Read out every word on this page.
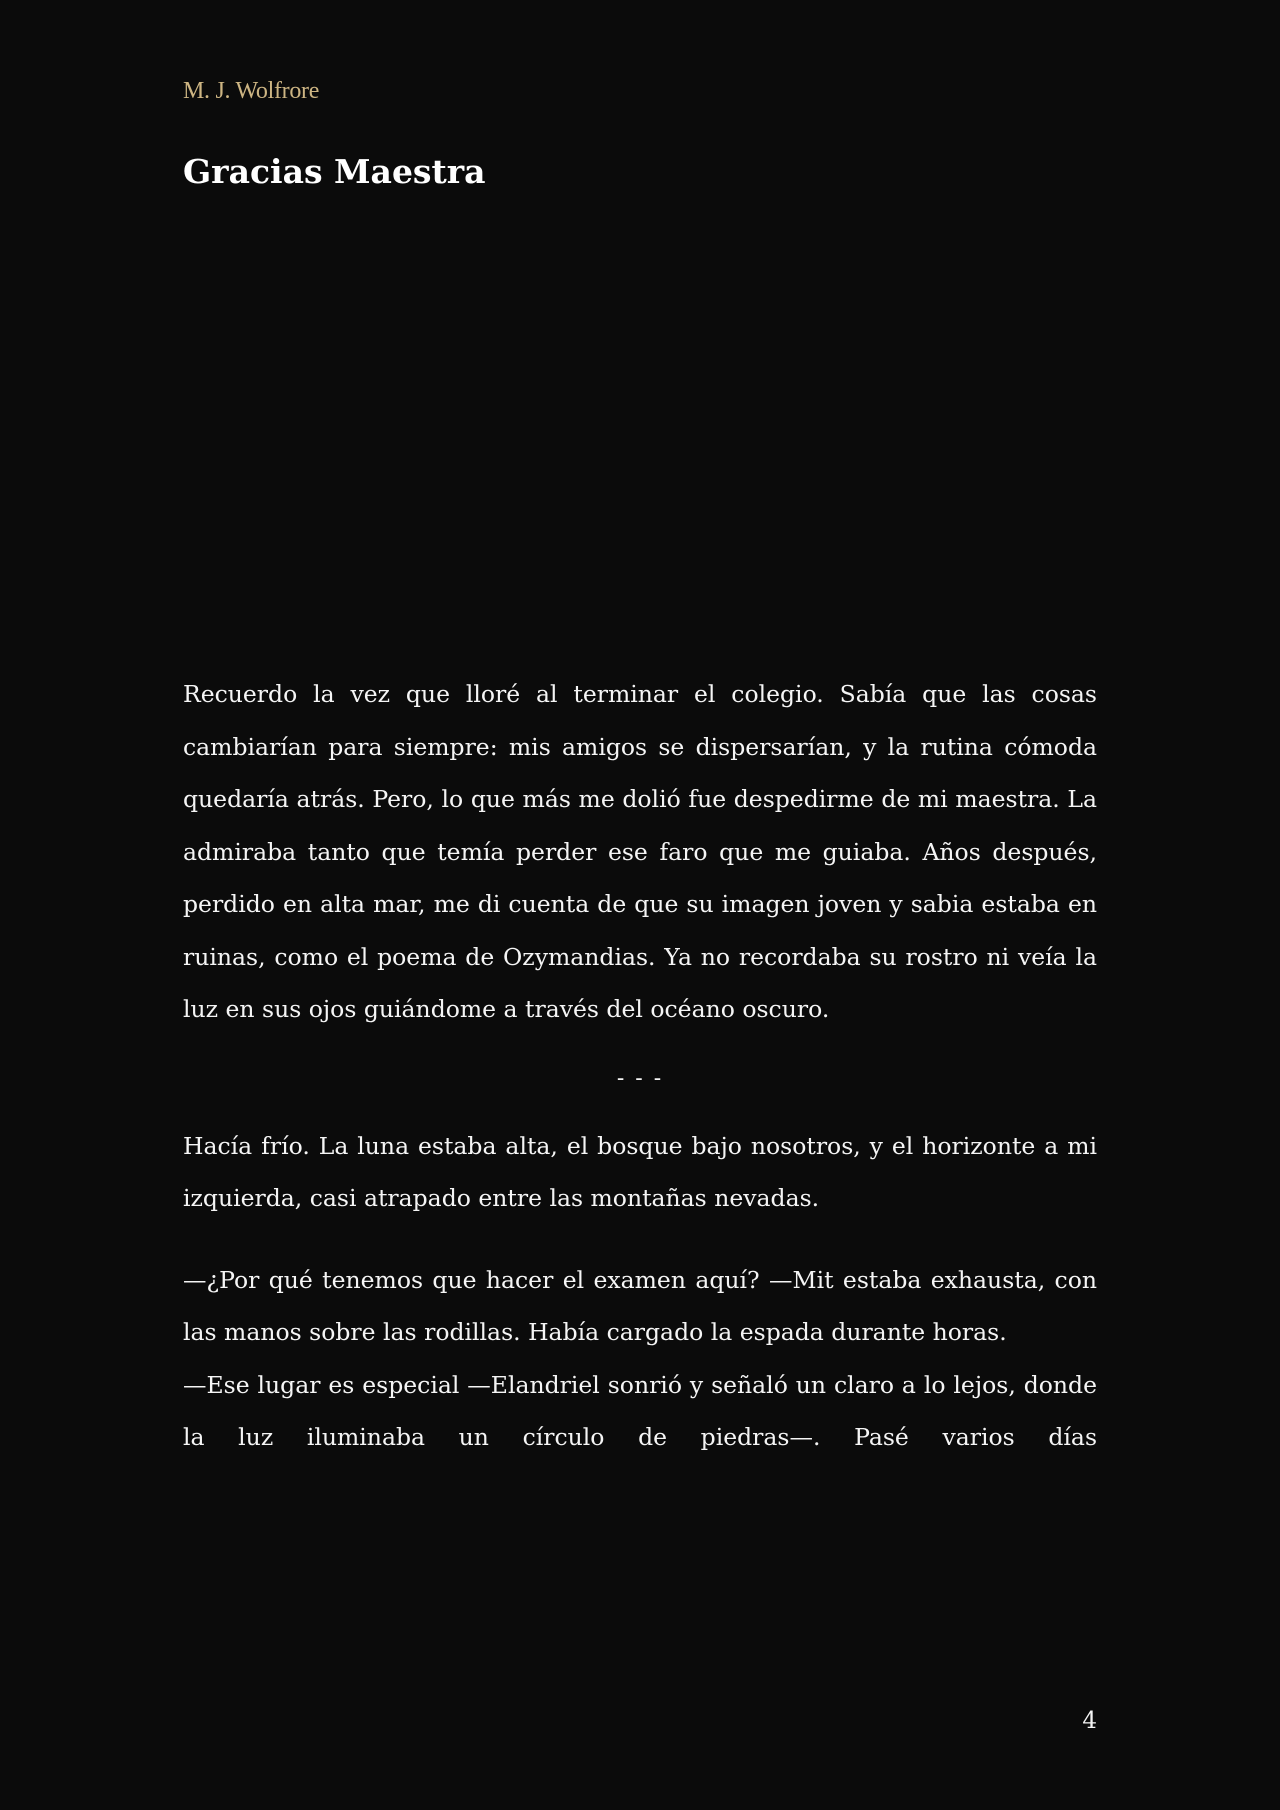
M. J. Wolfrore
Gracias Maestra

Recuerdo la vez que lloré al terminar el colegio. Sabía que las cosas cambiarían para siempre: mis amigos se dispersarían, y la rutina cómoda quedaría atrás. Pero, lo que más me dolió fue despedirme de mi maestra. La admiraba tanto que temía perder ese faro que me guiaba. Años después, perdido en alta mar, me di cuenta de que su imagen joven y sabia estaba en ruinas, como el poema de Ozymandias. Ya no recordaba su rostro ni veía la luz en sus ojos guiándome a través del océano oscuro.

- - -

Hacía frío. La luna estaba alta, el bosque bajo nosotros, y el horizonte a mi izquierda, casi atrapado entre las montañas nevadas.

—¿Por qué tenemos que hacer el examen aquí? —Mit estaba exhausta, con las manos sobre las rodillas. Había cargado la espada durante horas.

—Ese lugar es especial —Elandriel sonrió y señaló un claro a lo lejos, donde la luz iluminaba un círculo de piedras—. Pasé varios días

4
